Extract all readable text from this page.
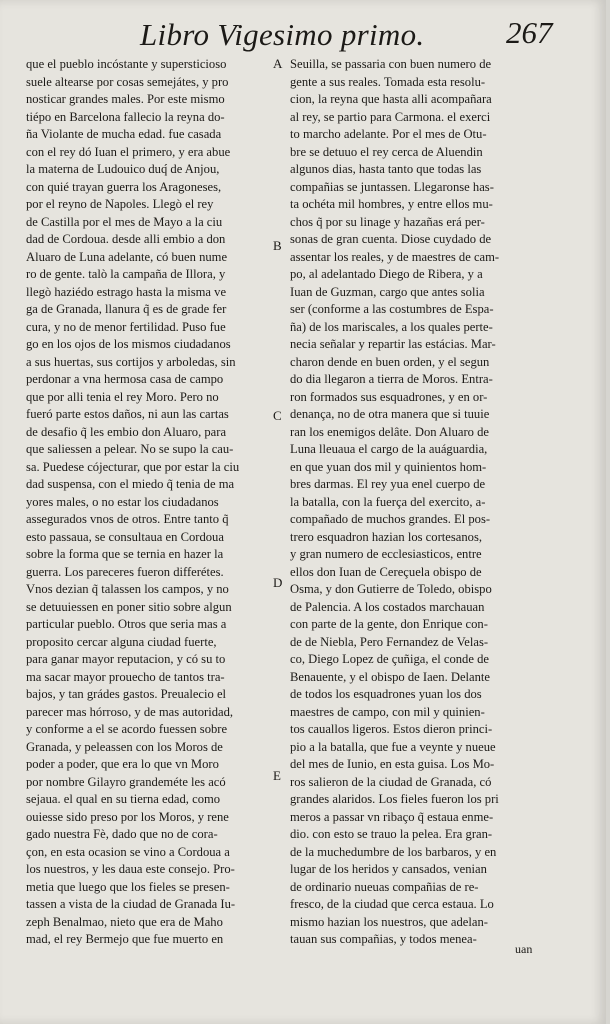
Libro Vigesimo primo.	267
que el pueblo incóstante y supersticioso
suele altearse por cosas semejátes, y pro
nosticar grandes males. Por este mismo
tiépo en Barcelona fallecio la reyna do-
ña Violante de mucha edad. fue casada
con el rey dó Iuan el primero, y era abue
la materna de Ludouico duq́ de Anjou,
con quié trayan guerra los Aragoneses,
por el reyno de Napoles. Llegò el rey
de Castilla por el mes de Mayo a la ciu
dad de Cordoua. desde alli embio a don
Aluaro de Luna adelante, có buen nume
ro de gente. talò la campaña de Illora, y
llegò haziédo estrago hasta la misma ve
ga de Granada, llanura q̃ es de grade fer
cura, y no de menor fertilidad. Puso fue
go en los ojos de los mismos ciudadanos
a sus huertas, sus cortijos y arboledas, sin
perdonar a vna hermosa casa de campo
que por alli tenia el rey Moro. Pero no
fueró parte estos daños, ni aun las cartas
de desafio q̃ les embio don Aluaro, para
que saliessen a pelear. No se supo la cau-
sa. Puedese cójecturar, que por estar la ciu
dad suspensa, con el miedo q̃ tenia de ma
yores males, o no estar los ciudadanos
assegurados vnos de otros. Entre tanto q̃
esto passaua, se consultaua en Cordoua
sobre la forma que se ternia en hazer la
guerra. Los pareceres fueron differétes.
Vnos dezian q̃ talassen los campos, y no
se detuuiessen en poner sitio sobre algun
particular pueblo. Otros que seria mas a
proposito cercar alguna ciudad fuerte,
para ganar mayor reputacion, y có su to
ma sacar mayor prouecho de tantos tra-
bajos, y tan grádes gastos. Preualecio el
parecer mas hórroso, y de mas autoridad,
y conforme a el se acordo fuessen sobre
Granada, y peleassen con los Moros de
poder a poder, que era lo que vn Moro
por nombre Gilayro grandeméte les acó
sejaua. el qual en su tierna edad, como
ouiesse sido preso por los Moros, y rene
gado nuestra Fè, dado que no de cora-
çon, en esta ocasion se vino a Cordoua a
los nuestros, y les daua este consejo. Pro-
metia que luego que los fieles se presen-
tassen a vista de la ciudad de Granada Iu-
zeph Benalmao, nieto que era de Maho
mad, el rey Bermejo que fue muerto en
Seuilla, se passaria con buen numero de
gente a sus reales. Tomada esta resolu-
cion, la reyna que hasta alli acompañara
al rey, se partio para Carmona. el exerci
to marcho adelante. Por el mes de Otu-
bre se detuuo el rey cerca de Aluendin
algunos dias, hasta tanto que todas las
compañias se juntassen. Llegaronse has-
ta ochéta mil hombres, y entre ellos mu-
chos q̃ por su linage y hazañas erá per-
sonas de gran cuenta. Diose cuydado de
assentar los reales, y de maestres de cam-
po, al adelantado Diego de Ribera, y a
Iuan de Guzman, cargo que antes solia
ser (conforme a las costumbres de Espa-
ña) de los mariscales, a los quales perte-
necia señalar y repartir las estácias. Mar-
charon dende en buen orden, y el segun
do dia llegaron a tierra de Moros. Entra-
ron formados sus esquadrones, y en or-
denança, no de otra manera que si tuuie
ran los enemigos delâte. Don Aluaro de
Luna lleuaua el cargo de la auáguardia,
en que yuan dos mil y quinientos hom-
bres darmas. El rey yua enel cuerpo de
la batalla, con la fuerça del exercito, a-
compañado de muchos grandes. El pos-
trero esquadron hazian los cortesanos,
y gran numero de ecclesiasticos, entre
ellos don Iuan de Cereçuela obispo de
Osma, y don Gutierre de Toledo, obispo
de Palencia. A los costados marchauan
con parte de la gente, don Enrique con-
de de Niebla, Pero Fernandez de Velas-
co, Diego Lopez de çuñiga, el conde de
Benauente, y el obispo de Iaen. Delante
de todos los esquadrones yuan los dos
maestres de campo, con mil y quinien-
tos cauallos ligeros. Estos dieron princi-
pio a la batalla, que fue a veynte y nueue
del mes de Iunio, en esta guisa. Los Mo-
ros salieron de la ciudad de Granada, có
grandes alaridos. Los fieles fueron los pri
meros a passar vn ribaço q̃ estaua enme-
dio. con esto se trauo la pelea. Era gran-
de la muchedumbre de los barbaros, y en
lugar de los heridos y cansados, venian
de ordinario nueuas compañias de re-
fresco, de la ciudad que cerca estaua. Lo
mismo hazian los nuestros, que adelan-
tauan sus compañias, y todos menea-
A
B
C
D
E
uan
